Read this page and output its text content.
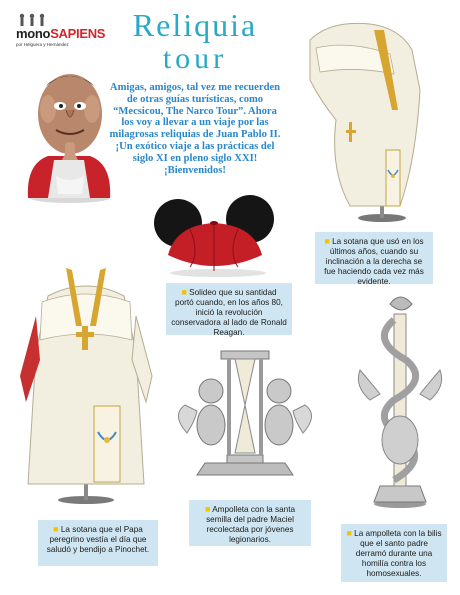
monoSAPIENS
por Helguera y Hernández
Reliquia
tour
Amigas, amigos, tal vez me recuerden de otras guías turísticas, como “Mecsicou, The Narco Tour”. Ahora los voy a llevar a un viaje por las milagrosas reliquias de Juan Pablo II. ¡Un exótico viaje a las prácticas del siglo XI en pleno siglo XXI! ¡Bienvenidos!
■ La sotana que usó en los últimos años, cuando su inclinación a la derecha se fue haciendo cada vez más evidente.
■ Solideo que su santidad portó cuando, en los años 80, inició la revolución conservadora al lado de Ronald Reagan.
■ La sotana que el Papa peregrino vestía el día que saludó y bendijo a Pinochet.
■ Ampolleta con la santa semilla del padre Maciel recolectada por jóvenes legionarios.
■ La ampolleta con la bilis que el santo padre derramó durante una homilía contra los homosexuales.
